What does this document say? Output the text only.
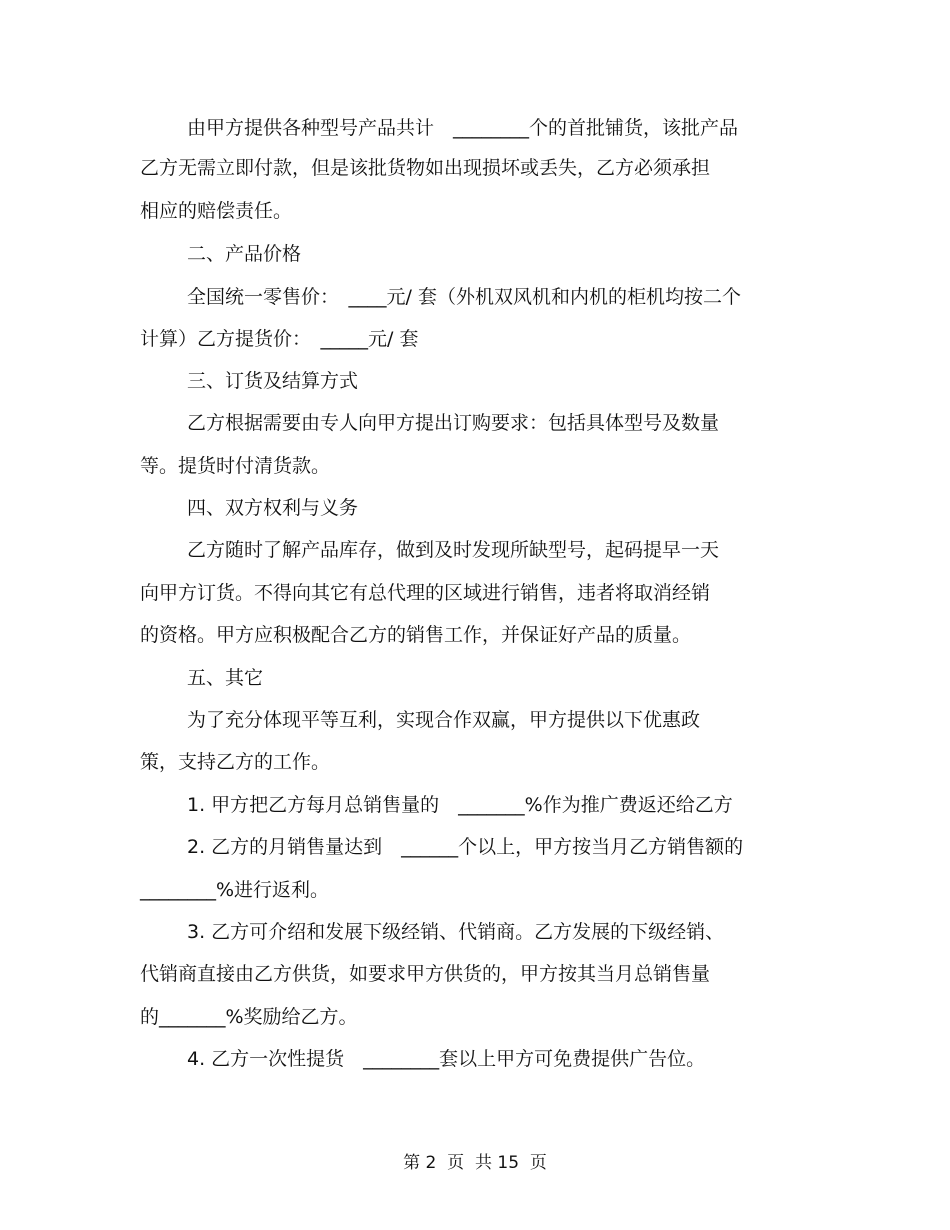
由甲方提供各种型号产品共计　________个的首批铺货，该批产品
乙方无需立即付款，但是该批货物如出现损坏或丢失，乙方必须承担
相应的赔偿责任。
二、产品价格
全国统一零售价：　____元/ 套（外机双风机和内机的柜机均按二个
计算）乙方提货价：　_____元/ 套
三、订货及结算方式
乙方根据需要由专人向甲方提出订购要求：包括具体型号及数量
等。提货时付清货款。
四、双方权利与义务
乙方随时了解产品库存，做到及时发现所缺型号，起码提早一天
向甲方订货。不得向其它有总代理的区域进行销售，违者将取消经销
的资格。甲方应积极配合乙方的销售工作，并保证好产品的质量。
五、其它
为了充分体现平等互利，实现合作双赢，甲方提供以下优惠政
策，支持乙方的工作。
1. 甲方把乙方每月总销售量的　_______%作为推广费返还给乙方
2. 乙方的月销售量达到　______个以上，甲方按当月乙方销售额的
________%进行返利。
3. 乙方可介绍和发展下级经销、代销商。乙方发展的下级经销、
代销商直接由乙方供货，如要求甲方供货的，甲方按其当月总销售量
的_______%奖励给乙方。
4. 乙方一次性提货　________套以上甲方可免费提供广告位。
第 2  页  共 15  页
